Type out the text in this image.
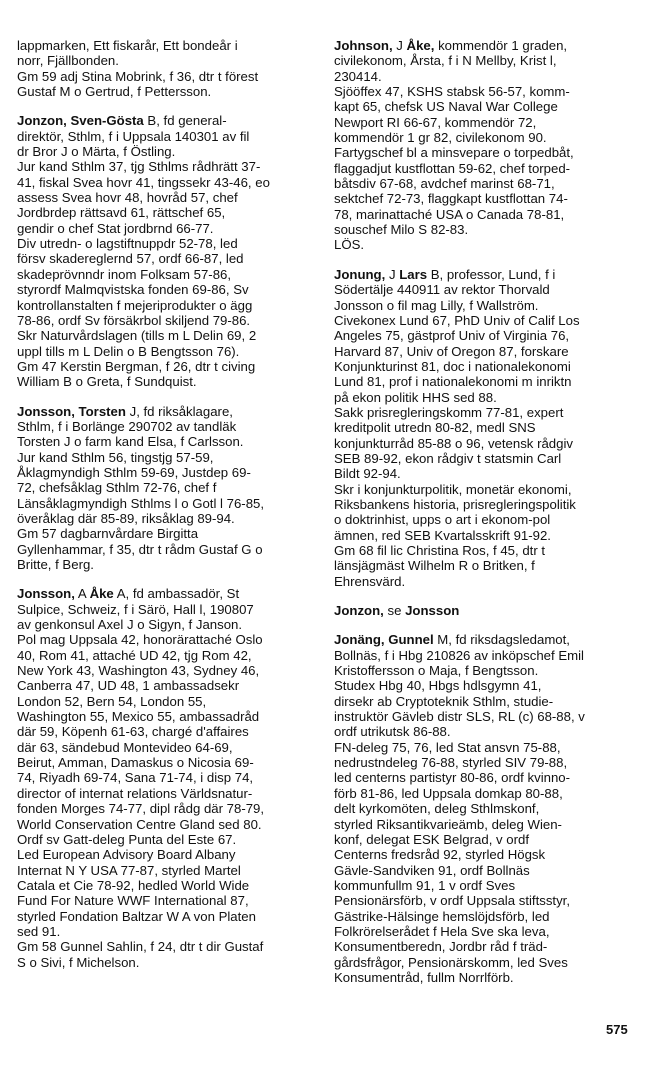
lappmarken, Ett fiskarår, Ett bondeår i
norr, Fjällbonden.
Gm 59 adj Stina Mobrink, f 36, dtr t förest
Gustaf M o Gertrud, f Pettersson.
Jonzon, Sven-Gösta B, fd general-
direktör, Sthlm, f i Uppsala 140301 av fil
dr Bror J o Märta, f Östling.
Jur kand Sthlm 37, tjg Sthlms rådhrätt 37-
41, fiskal Svea hovr 41, tingssekr 43-46, eo
assess Svea hovr 48, hovråd 57, chef
Jordbrdep rättsavd 61, rättschef 65,
gendir o chef Stat jordbrnd 66-77.
Div utredn- o lagstiftnuppdr 52-78, led
försv skadereglernd 57, ordf 66-87, led
skadeprövnndr inom Folksam 57-86,
styrordf Malmqvistska fonden 69-86, Sv
kontrollanstalten f mejeriprodukter o ägg
78-86, ordf Sv försäkrbol skiljend 79-86.
Skr Naturvårdslagen (tills m L Delin 69, 2
uppl tills m L Delin o B Bengtsson 76).
Gm 47 Kerstin Bergman, f 26, dtr t civing
William B o Greta, f Sundquist.
Jonsson, Torsten J, fd riksåklagare,
Sthlm, f i Borlänge 290702 av tandläk
Torsten J o farm kand Elsa, f Carlsson.
Jur kand Sthlm 56, tingstjg 57-59,
Åklagmyndigh Sthlm 59-69, Justdep 69-
72, chefsåklag Sthlm 72-76, chef f
Länsåklagmyndigh Sthlms l o Gotl l 76-85,
överåklag där 85-89, riksåklag 89-94.
Gm 57 dagbarnvårdare Birgitta
Gyllenhammar, f 35, dtr t rådm Gustaf G o
Britte, f Berg.
Jonsson, A Åke A, fd ambassadör, St
Sulpice, Schweiz, f i Särö, Hall l, 190807
av genkonsul Axel J o Sigyn, f Janson.
Pol mag Uppsala 42, honorärattaché Oslo
40, Rom 41, attaché UD 42, tjg Rom 42,
New York 43, Washington 43, Sydney 46,
Canberra 47, UD 48, 1 ambassadsekr
London 52, Bern 54, London 55,
Washington 55, Mexico 55, ambassadråd
där 59, Köpenh 61-63, chargé d'affaires
där 63, sändebud Montevideo 64-69,
Beirut, Amman, Damaskus o Nicosia 69-
74, Riyadh 69-74, Sana 71-74, i disp 74,
director of internat relations Världsnatur-
fonden Morges 74-77, dipl rådg där 78-79,
World Conservation Centre Gland sed 80.
Ordf sv Gatt-deleg Punta del Este 67.
Led European Advisory Board Albany
Internat N Y USA 77-87, styrled Martel
Catala et Cie 78-92, hedled World Wide
Fund For Nature WWF International 87,
styrled Fondation Baltzar W A von Platen
sed 91.
Gm 58 Gunnel Sahlin, f 24, dtr t dir Gustaf
S o Sivi, f Michelson.
Johnson, J Åke, kommendör 1 graden,
civilekonom, Årsta, f i N Mellby, Krist l,
230414.
Sjööffex 47, KSHS stabsk 56-57, komm-
kapt 65, chefsk US Naval War College
Newport RI 66-67, kommendör 72,
kommendör 1 gr 82, civilekonom 90.
Fartygschef bl a minsvepare o torpedbåt,
flaggadjut kustflottan 59-62, chef torped-
båtsdiv 67-68, avdchef marinst 68-71,
sektchef 72-73, flaggkapt kustflottan 74-
78, marinattaché USA o Canada 78-81,
souschef Milo S 82-83.
LÖS.
Jonung, J Lars B, professor, Lund, f i
Södertälje 440911 av rektor Thorvald
Jonsson o fil mag Lilly, f Wallström.
Civekonex Lund 67, PhD Univ of Calif Los
Angeles 75, gästprof Univ of Virginia 76,
Harvard 87, Univ of Oregon 87, forskare
Konjunkturinst 81, doc i nationalekonomi
Lund 81, prof i nationalekonomi m inriktn
på ekon politik HHS sed 88.
Sakk prisregleringskomm 77-81, expert
kreditpolit utredn 80-82, medl SNS
konjunkturråd 85-88 o 96, vetensk rådgiv
SEB 89-92, ekon rådgiv t statsmin Carl
Bildt 92-94.
Skr i konjunkturpolitik, monetär ekonomi,
Riksbankens historia, prisregleringspolitik
o doktrinhist, upps o art i ekonom-pol
ämnen, red SEB Kvartalsskrift 91-92.
Gm 68 fil lic Christina Ros, f 45, dtr t
länsjägmäst Wilhelm R o Britken, f
Ehrensvärd.
Jonzon, se Jonsson
Jonäng, Gunnel M, fd riksdagsledamot,
Bollnäs, f i Hbg 210826 av inköpschef Emil
Kristoffersson o Maja, f Bengtsson.
Studex Hbg 40, Hbgs hdlsgymn 41,
dirsekr ab Cryptoteknik Sthlm, studie-
instruktör Gävleb distr SLS, RL (c) 68-88, v
ordf utrikutsk 86-88.
FN-deleg 75, 76, led Stat ansvn 75-88,
nedrustndeleg 76-88, styrled SIV 79-88,
led centerns partistyr 80-86, ordf kvinno-
förb 81-86, led Uppsala domkap 80-88,
delt kyrkomöten, deleg Sthlmskonf,
styrled Riksantikvarieämb, deleg Wien-
konf, delegat ESK Belgrad, v ordf
Centerns fredsråd 92, styrled Högsk
Gävle-Sandviken 91, ordf Bollnäs
kommunfullm 91, 1 v ordf Sves
Pensionärsförb, v ordf Uppsala stiftsstyr,
Gästrike-Hälsinge hemslöjdsförb, led
Folkrörelserådet f Hela Sve ska leva,
Konsumentberedn, Jordbr råd f träd-
gårdsfrågor, Pensionärskomm, led Sves
Konsumentråd, fullm Norrlförb.
575
